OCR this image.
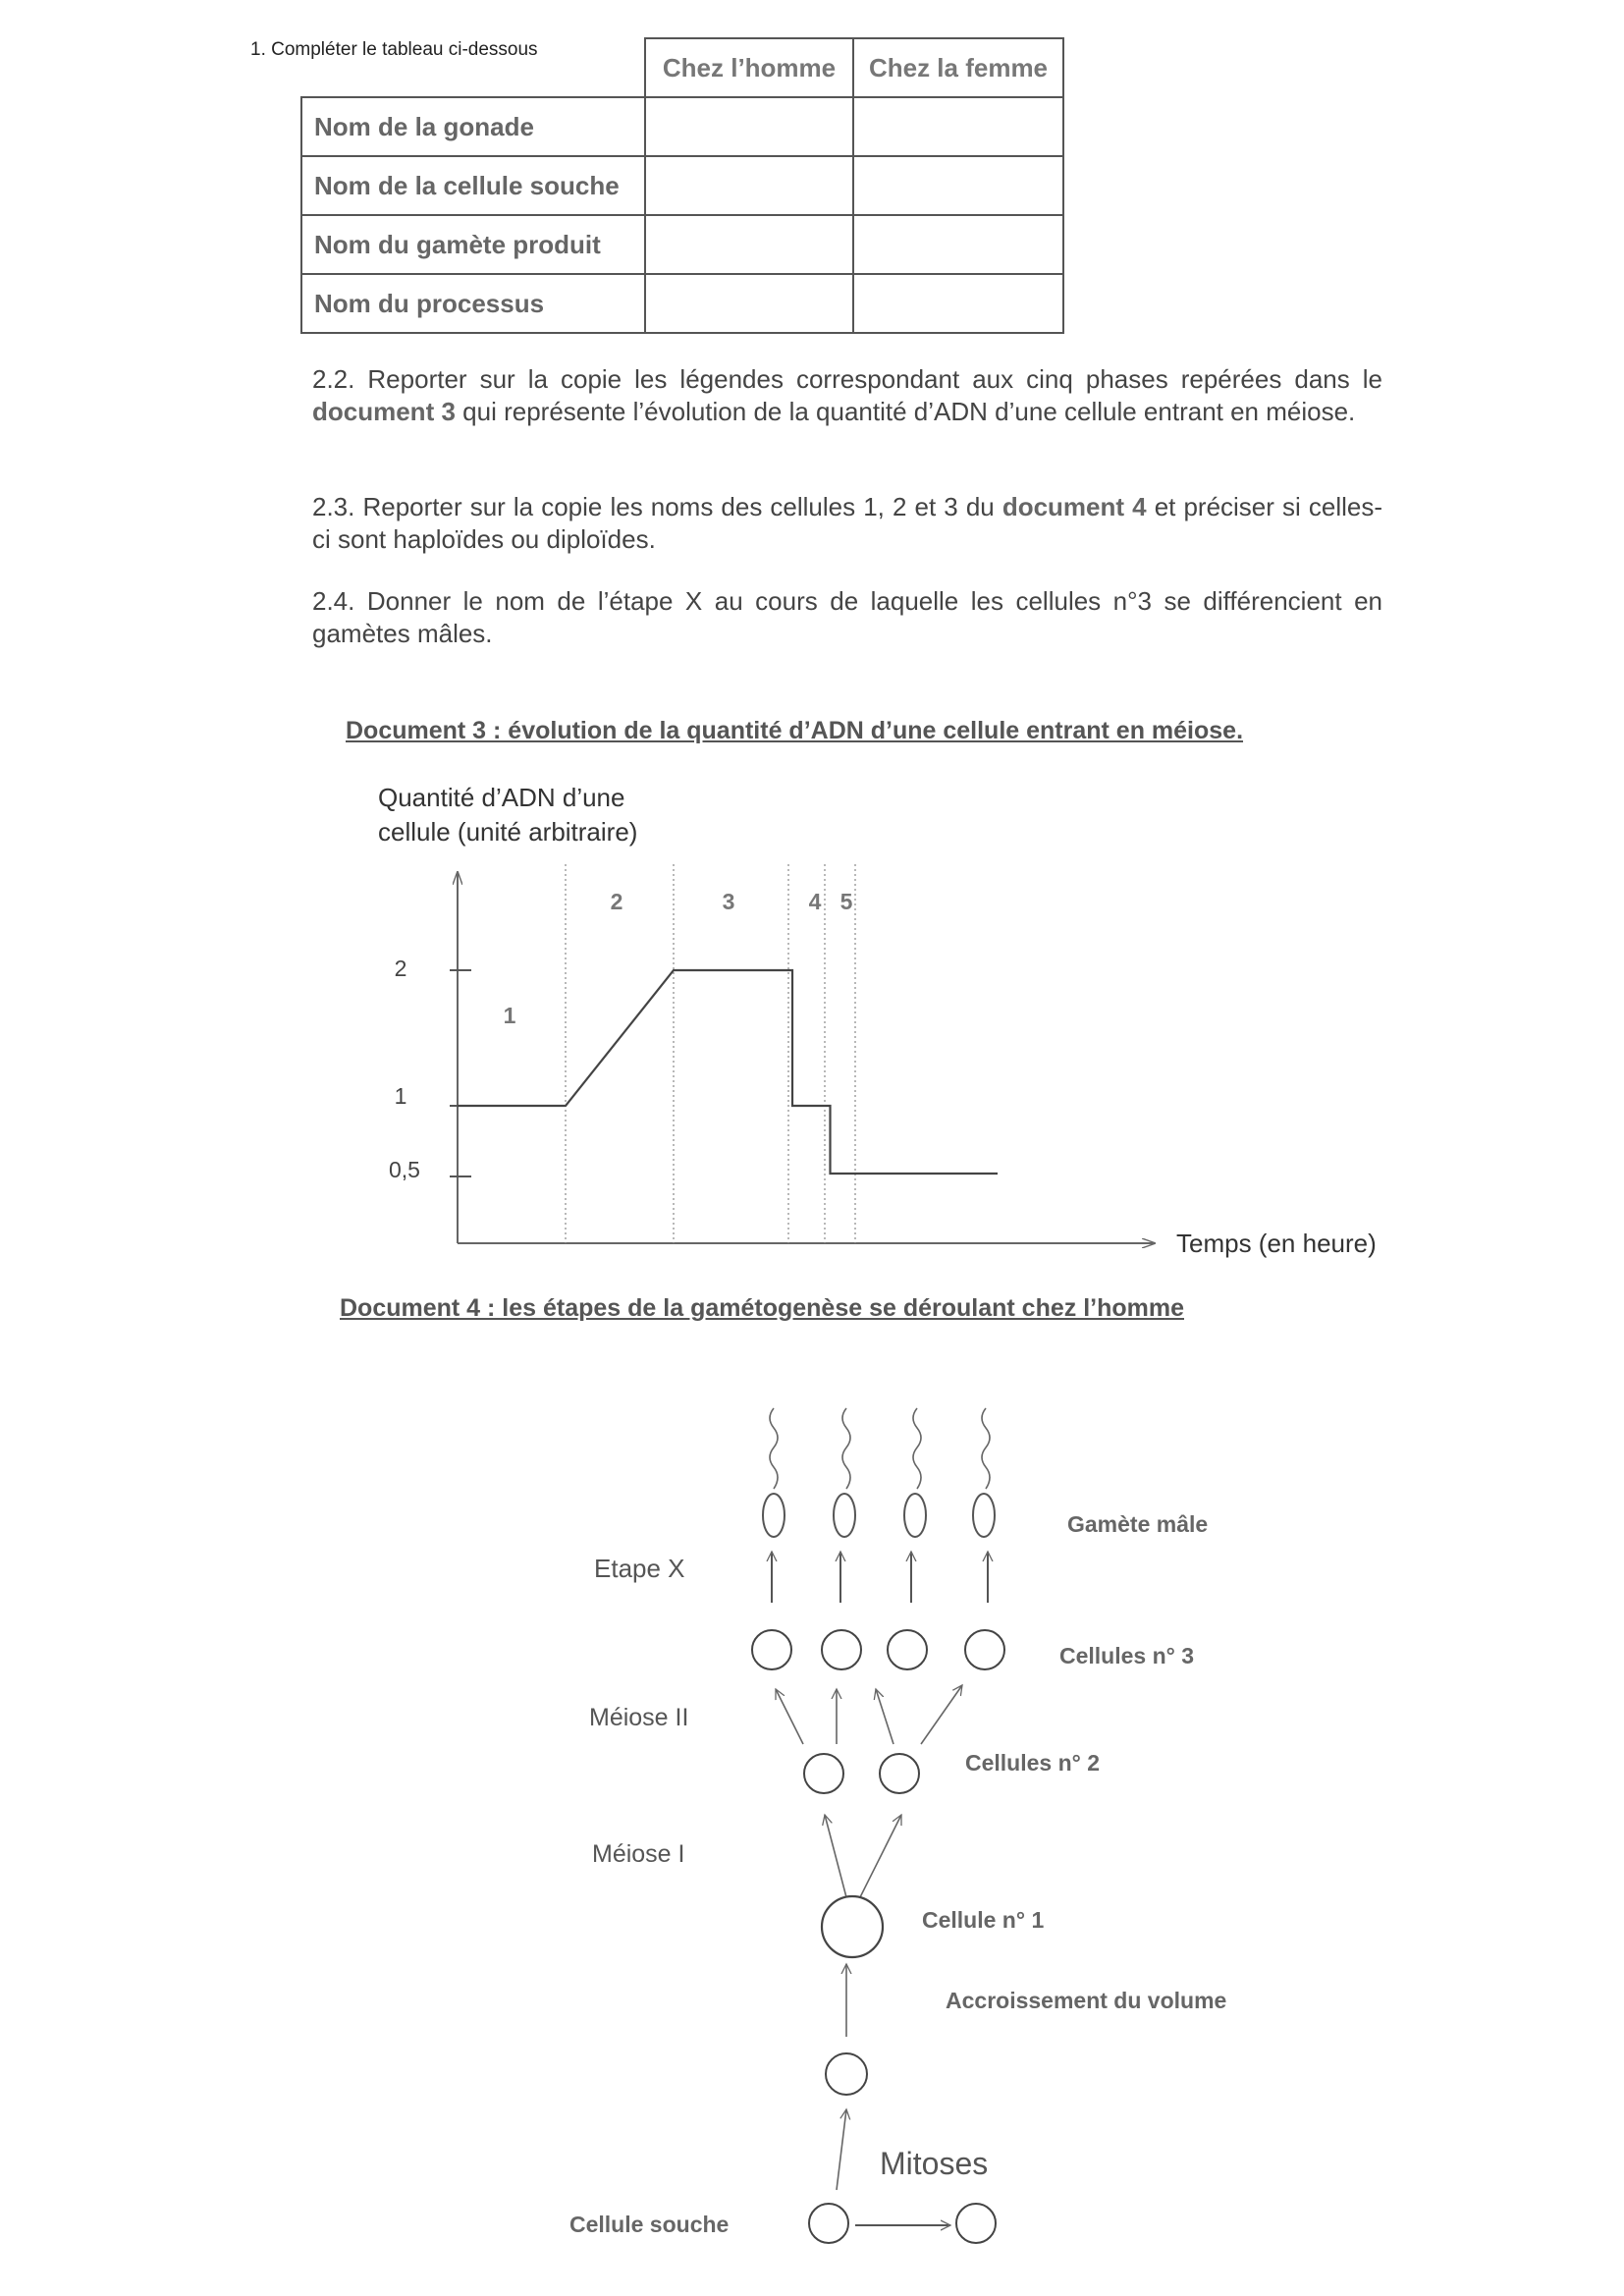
1. Compléter le tableau ci-dessous
	Chez l’homme	Chez la femme
Nom de la gonade		
Nom de la cellule souche		
Nom du gamète produit		
Nom du processus		
2.2. Reporter sur la copie les légendes correspondant aux cinq phases repérées dans le document 3 qui représente l’évolution de la quantité d’ADN d’une cellule entrant en méiose.
2.3. Reporter sur la copie les noms des cellules 1, 2 et 3 du document 4 et préciser si celles-ci sont haploïdes ou diploïdes.
2.4. Donner le nom de l’étape X au cours de laquelle les cellules n°3 se différencient en gamètes mâles.
Document 3 : évolution de la quantité d’ADN d’une cellule entrant en méiose.
Quantité d’ADN d’une
cellule (unité arbitraire)
2
1
0,5
1
2	3	4 5
Temps (en heure)
Document 4 : les étapes de la gamétogenèse se déroulant chez l’homme
Gamète mâle
Etape X
Cellules n° 3
Méiose II
Cellules n° 2
Méiose I
Cellule n° 1
Accroissement du volume
Mitoses
Cellule souche
